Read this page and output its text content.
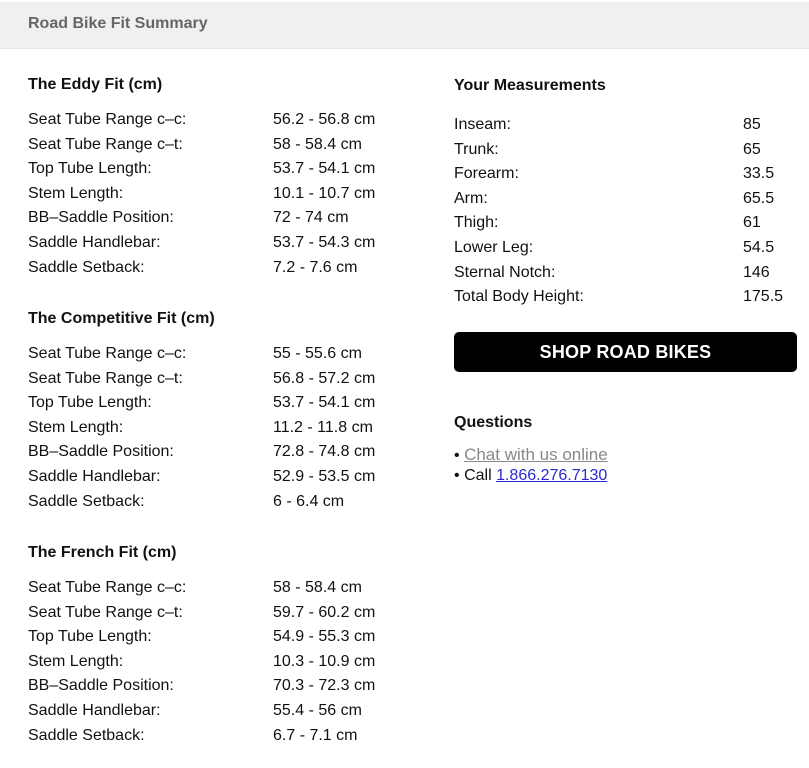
Road Bike Fit Summary
The Eddy Fit (cm)
Seat Tube Range c–c:	56.2 - 56.8 cm
Seat Tube Range c–t:	58 - 58.4 cm
Top Tube Length:	53.7 - 54.1 cm
Stem Length:	10.1 - 10.7 cm
BB–Saddle Position:	72 - 74 cm
Saddle Handlebar:	53.7 - 54.3 cm
Saddle Setback:	7.2 - 7.6 cm
The Competitive Fit (cm)
Seat Tube Range c–c:	55 - 55.6 cm
Seat Tube Range c–t:	56.8 - 57.2 cm
Top Tube Length:	53.7 - 54.1 cm
Stem Length:	11.2 - 11.8 cm
BB–Saddle Position:	72.8 - 74.8 cm
Saddle Handlebar:	52.9 - 53.5 cm
Saddle Setback:	6 - 6.4 cm
The French Fit (cm)
Seat Tube Range c–c:	58 - 58.4 cm
Seat Tube Range c–t:	59.7 - 60.2 cm
Top Tube Length:	54.9 - 55.3 cm
Stem Length:	10.3 - 10.9 cm
BB–Saddle Position:	70.3 - 72.3 cm
Saddle Handlebar:	55.4 - 56 cm
Saddle Setback:	6.7 - 7.1 cm
Your Measurements
Inseam:	85
Trunk:	65
Forearm:	33.5
Arm:	65.5
Thigh:	61
Lower Leg:	54.5
Sternal Notch:	146
Total Body Height:	175.5
SHOP ROAD BIKES
Questions
• Chat with us online
• Call 1.866.276.7130
